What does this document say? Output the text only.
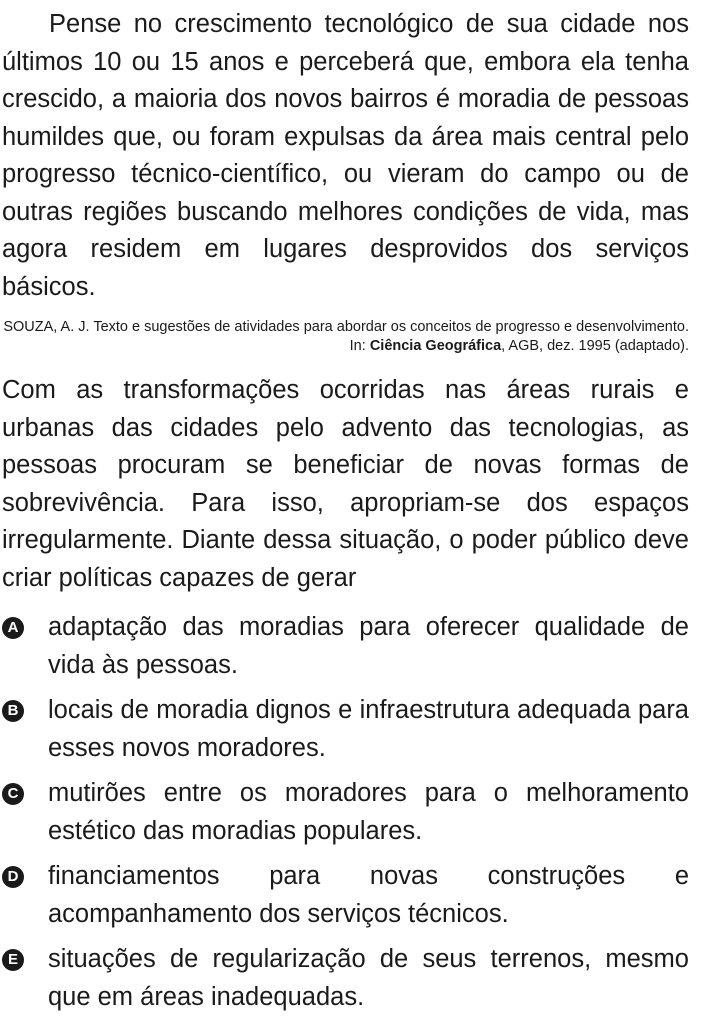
Pense no crescimento tecnológico de sua cidade nos últimos 10 ou 15 anos e perceberá que, embora ela tenha crescido, a maioria dos novos bairros é moradia de pessoas humildes que, ou foram expulsas da área mais central pelo progresso técnico-científico, ou vieram do campo ou de outras regiões buscando melhores condições de vida, mas agora residem em lugares desprovidos dos serviços básicos.

SOUZA, A. J. Texto e sugestões de atividades para abordar os conceitos de progresso e desenvolvimento. In: Ciência Geográfica, AGB, dez. 1995 (adaptado).

Com as transformações ocorridas nas áreas rurais e urbanas das cidades pelo advento das tecnologias, as pessoas procuram se beneficiar de novas formas de sobrevivência. Para isso, apropriam-se dos espaços irregularmente. Diante dessa situação, o poder público deve criar políticas capazes de gerar

A adaptação das moradias para oferecer qualidade de vida às pessoas.
B locais de moradia dignos e infraestrutura adequada para esses novos moradores.
C mutirões entre os moradores para o melhoramento estético das moradias populares.
D financiamentos para novas construções e acompanhamento dos serviços técnicos.
E situações de regularização de seus terrenos, mesmo que em áreas inadequadas.
